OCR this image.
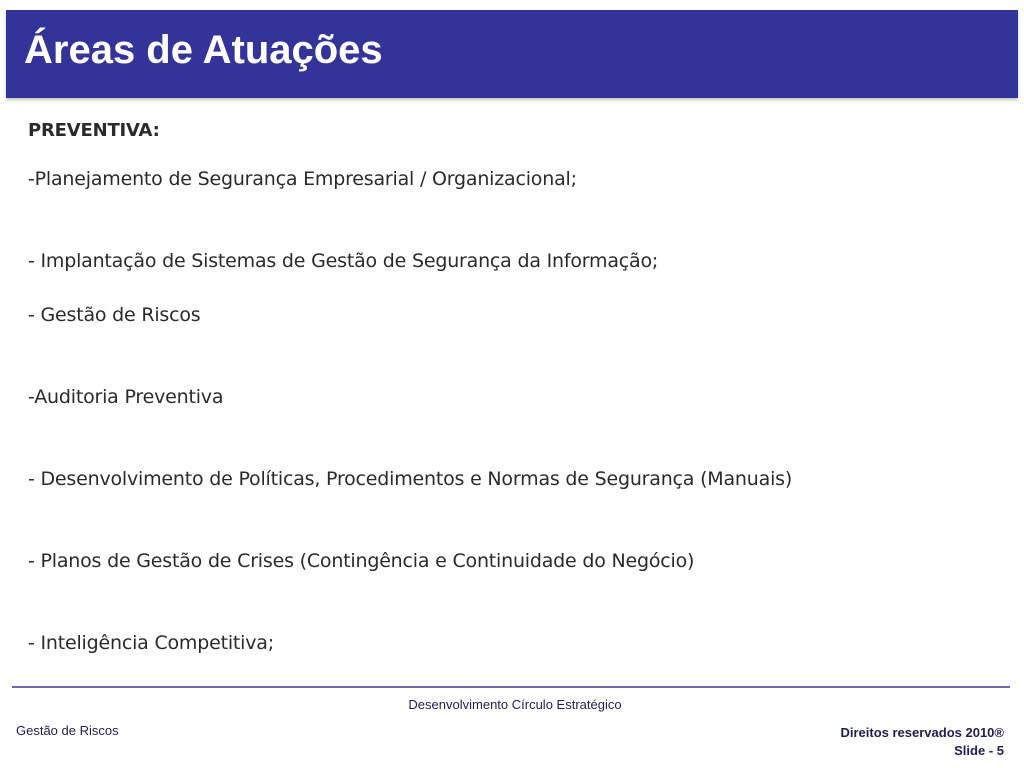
Áreas de Atuações
PREVENTIVA:
-Planejamento de Segurança Empresarial / Organizacional;
- Implantação de Sistemas de Gestão de Segurança da Informação;
- Gestão de Riscos
-Auditoria Preventiva
- Desenvolvimento de Políticas, Procedimentos e Normas de Segurança (Manuais)
- Planos de Gestão de Crises (Contingência e Continuidade do Negócio)
- Inteligência Competitiva;
Desenvolvimento Círculo Estratégico
Gestão de Riscos	Direitos reservados 2010®
Slide - 5
